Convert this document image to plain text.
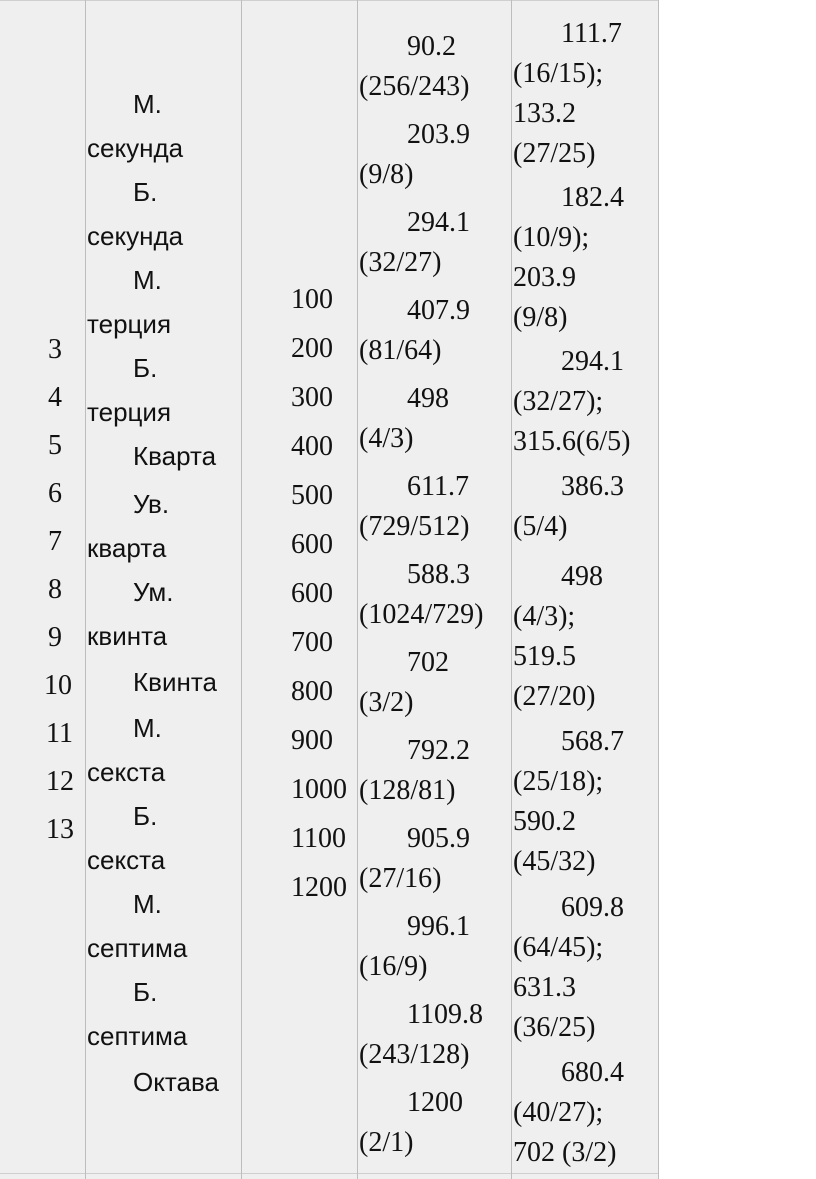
3
4
5
6
7
8
9
10
11
12
13
М.
секунда
Б.
секунда
М.
терция
Б.
терция
Кварта
Ув.
кварта
Ум.
квинта
Квинта
М.
секста
Б.
секста
М.
септима
Б.
септима
Октава
100
200
300
400
500
600
600
700
800
900
1000
1100
1200
90.2
(256/243)
203.9
(9/8)
294.1
(32/27)
407.9
(81/64)
498
(4/3)
611.7
(729/512)
588.3
(1024/729)
702
(3/2)
792.2
(128/81)
905.9
(27/16)
996.1
(16/9)
1109.8
(243/128)
1200
(2/1)
111.7
(16/15);
133.2
(27/25)
182.4
(10/9);
203.9
(9/8)
294.1
(32/27);
315.6(6/5)
386.3
(5/4)
498
(4/3);
519.5
(27/20)
568.7
(25/18);
590.2
(45/32)
609.8
(64/45);
631.3
(36/25)
680.4
(40/27);
702 (3/2)
